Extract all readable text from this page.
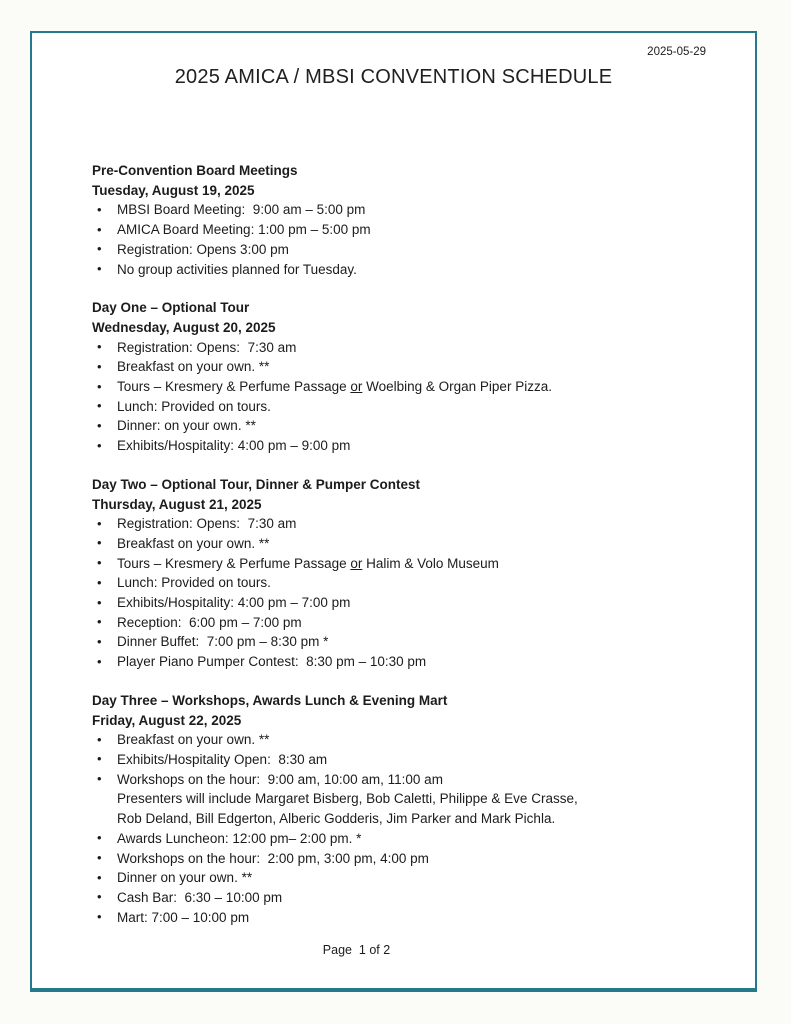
2025-05-29
2025 AMICA / MBSI CONVENTION SCHEDULE
Pre-Convention Board Meetings
Tuesday, August 19, 2025
• MBSI Board Meeting:  9:00 am – 5:00 pm
• AMICA Board Meeting: 1:00 pm – 5:00 pm
• Registration: Opens 3:00 pm
• No group activities planned for Tuesday.
Day One – Optional Tour
Wednesday, August 20, 2025
• Registration: Opens:  7:30 am
• Breakfast on your own. **
• Tours – Kresmery & Perfume Passage or Woelbing & Organ Piper Pizza.
• Lunch: Provided on tours.
• Dinner: on your own. **
• Exhibits/Hospitality: 4:00 pm – 9:00 pm
Day Two – Optional Tour, Dinner & Pumper Contest
Thursday, August 21, 2025
• Registration: Opens:  7:30 am
• Breakfast on your own. **
• Tours – Kresmery & Perfume Passage or Halim & Volo Museum
• Lunch: Provided on tours.
• Exhibits/Hospitality: 4:00 pm – 7:00 pm
• Reception:  6:00 pm – 7:00 pm
• Dinner Buffet:  7:00 pm – 8:30 pm *
• Player Piano Pumper Contest:  8:30 pm – 10:30 pm
Day Three – Workshops, Awards Lunch & Evening Mart
Friday, August 22, 2025
• Breakfast on your own. **
• Exhibits/Hospitality Open:  8:30 am
• Workshops on the hour:  9:00 am, 10:00 am, 11:00 am
Presenters will include Margaret Bisberg, Bob Caletti, Philippe & Eve Crasse,
Rob Deland, Bill Edgerton, Alberic Godderis, Jim Parker and Mark Pichla.
• Awards Luncheon: 12:00 pm– 2:00 pm. *
• Workshops on the hour:  2:00 pm, 3:00 pm, 4:00 pm
• Dinner on your own. **
• Cash Bar:  6:30 – 10:00 pm
• Mart: 7:00 – 10:00 pm
Page  1 of 2
